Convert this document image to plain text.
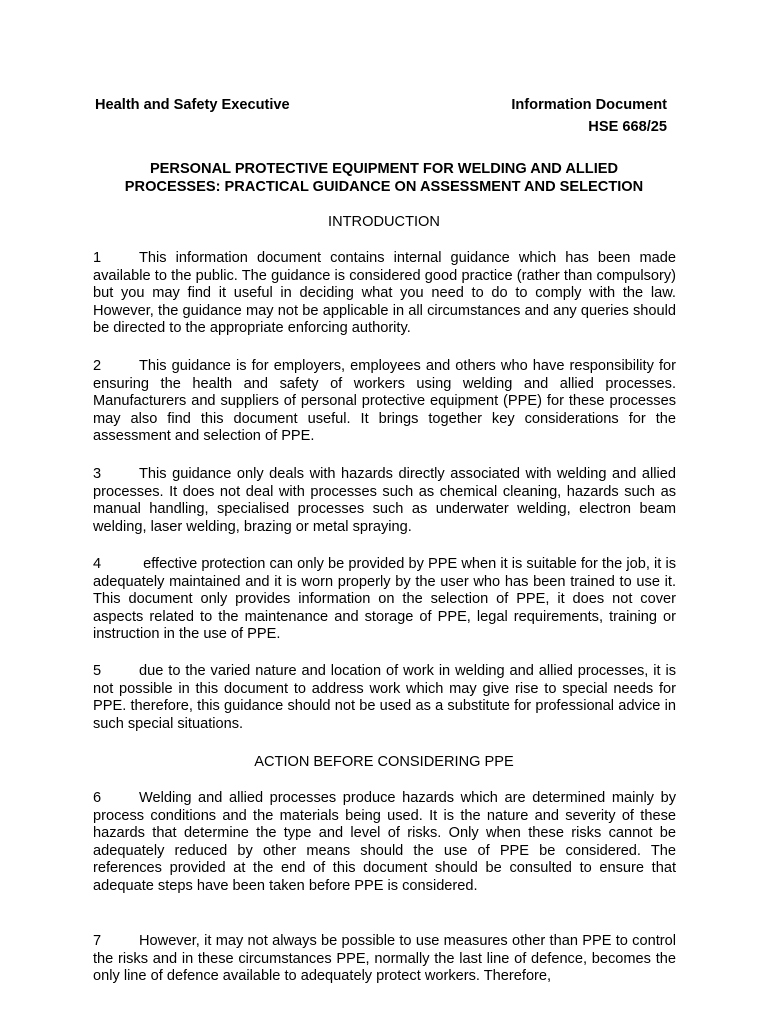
Health and Safety Executive	Information Document
HSE 668/25
PERSONAL PROTECTIVE EQUIPMENT FOR WELDING AND ALLIED
PROCESSES: PRACTICAL GUIDANCE ON ASSESSMENT AND SELECTION
INTRODUCTION

1	This information document contains internal guidance which has been made available to the public. The guidance is considered good practice (rather than compulsory) but you may find it useful in deciding what you need to do to comply with the law. However, the guidance may not be applicable in all circumstances and any queries should be directed to the appropriate enforcing authority.

2	This guidance is for employers, employees and others who have responsibility for ensuring the health and safety of workers using welding and allied processes. Manufacturers and suppliers of personal protective equipment (PPE) for these processes may also find this document useful. It brings together key considerations for the assessment and selection of PPE.

3	This guidance only deals with hazards directly associated with welding and allied processes. It does not deal with processes such as chemical cleaning, hazards such as manual handling, specialised processes such as underwater welding, electron beam welding, laser welding, brazing or metal spraying.

4	effective protection can only be provided by PPE when it is suitable for the job, it is adequately maintained and it is worn properly by the user who has been trained to use it. This document only provides information on the selection of PPE, it does not cover aspects related to the maintenance and storage of PPE, legal requirements, training or instruction in the use of PPE.

5	due to the varied nature and location of work in welding and allied processes, it is not possible in this document to address work which may give rise to special needs for PPE. therefore, this guidance should not be used as a substitute for professional advice in such special situations.

ACTION BEFORE CONSIDERING PPE

6	Welding and allied processes produce hazards which are determined mainly by process conditions and the materials being used. It is the nature and severity of these hazards that determine the type and level of risks. Only when these risks cannot be adequately reduced by other means should the use of PPE be considered. The references provided at the end of this document should be consulted to ensure that adequate steps have been taken before PPE is considered.

7	However, it may not always be possible to use measures other than PPE to control the risks and in these circumstances PPE, normally the last line of defence, becomes the only line of defence available to adequately protect workers. Therefore,
